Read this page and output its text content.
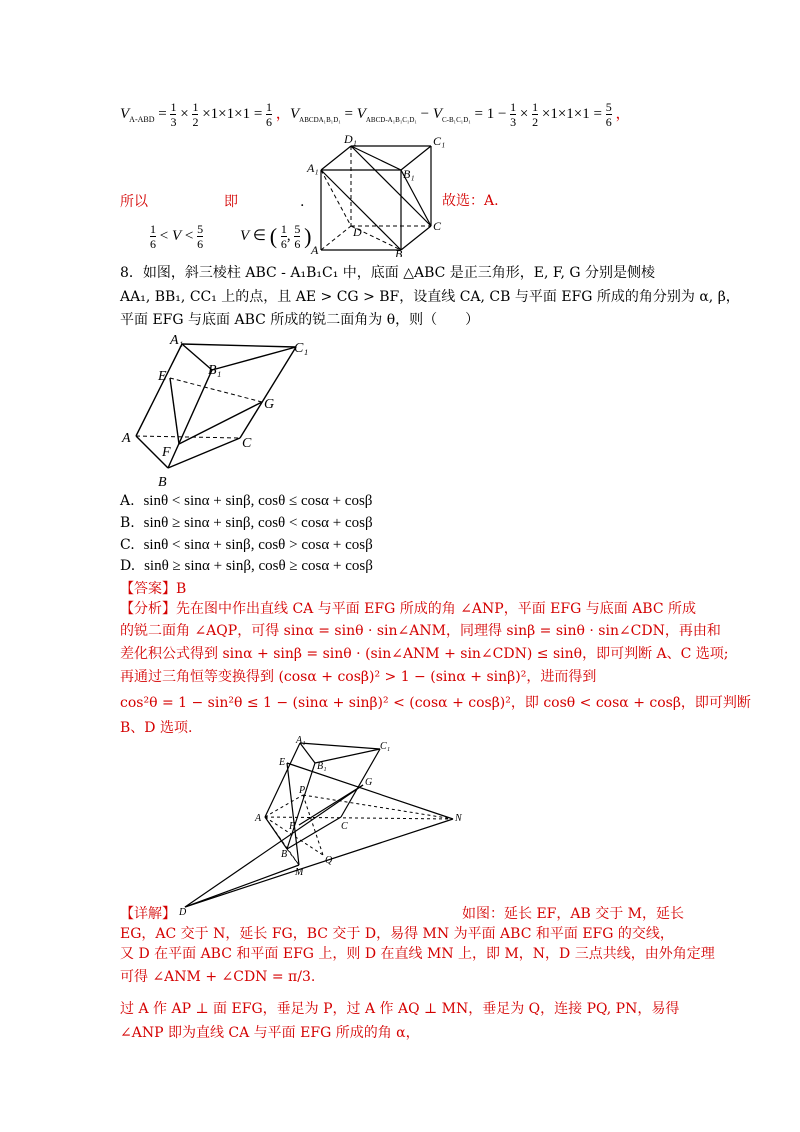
$V_{A-ABD} = \frac{1}{3} \times \frac{1}{2} \times 1\times 1\times 1 = \frac{1}{6}$ ， $V_{ABCDA_1B_1D_1} = V_{ABCD-A_1B_1C_1D_1} - V_{C-B_1C_1D_1} = 1 - \frac{1}{3} \times \frac{1}{2} \times 1\times 1\times 1 = \frac{5}{6}$ ，
D₁	C₁
A₁	B₁
D	C
A	B
所以	即	.	故选：A.
$\frac{1}{6} < V < \frac{5}{6}$ V ∈ ( $\frac{1}{6}$ , $\frac{5}{6}$ )
8．如图，斜三棱柱 ABC - A₁B₁C₁ 中，底面 △ABC 是正三角形，E, F, G 分别是侧棱
AA₁, BB₁, CC₁ 上的点，且 AE > CG > BF，设直线 CA, CB 与平面 EFG 所成的角分别为 α, β，
平面 EFG 与底面 ABC 所成的锐二面角为 θ，则（　　）
A₁
C₁
B₁
E
G
A	C
F
B
A. sinθ < sinα + sinβ, cosθ ≤ cosα + cosβ
B. sinθ ≥ sinα + sinβ, cosθ < cosα + cosβ
C. sinθ < sinα + sinβ, cosθ > cosα + cosβ
D. sinθ ≥ sinα + sinβ, cosθ ≥ cosα + cosβ
【答案】B
【分析】先在图中作出直线 CA 与平面 EFG 所成的角 ∠ANP，平面 EFG 与底面 ABC 所成
的锐二面角 ∠AQP，可得 sinα = sinθ · sin∠ANM，同理得 sinβ = sinθ · sin∠CDN，再由和
差化积公式得到 sinα + sinβ = sinθ · (sin∠ANM + sin∠CDN) ≤ sinθ，即可判断 A、C 选项;
再通过三角恒等变换得到 (cosα + cosβ)² > 1 − (sinα + sinβ)²，进而得到
cos²θ = 1 − sin²θ ≤ 1 − (sinα + sinβ)² < (cosα + cosβ)²，即 cosθ < cosα + cosβ，即可判断
B、D 选项.
A₁
C₁
B₁
E
G
P
A
C
N
F
B
Q
M
D
【详解】	如图：延长 EF，AB 交于 M，延长
EG，AC 交于 N，延长 FG，BC 交于 D，易得 MN 为平面 ABC 和平面 EFG 的交线，
又 D 在平面 ABC 和平面 EFG 上，则 D 在直线 MN 上，即 M，N，D 三点共线，由外角定理
可得 ∠ANM + ∠CDN = π/3.
过 A 作 AP ⊥ 面 EFG，垂足为 P，过 A 作 AQ ⊥ MN，垂足为 Q，连接 PQ, PN，易得
∠ANP 即为直线 CA 与平面 EFG 所成的角 α，
